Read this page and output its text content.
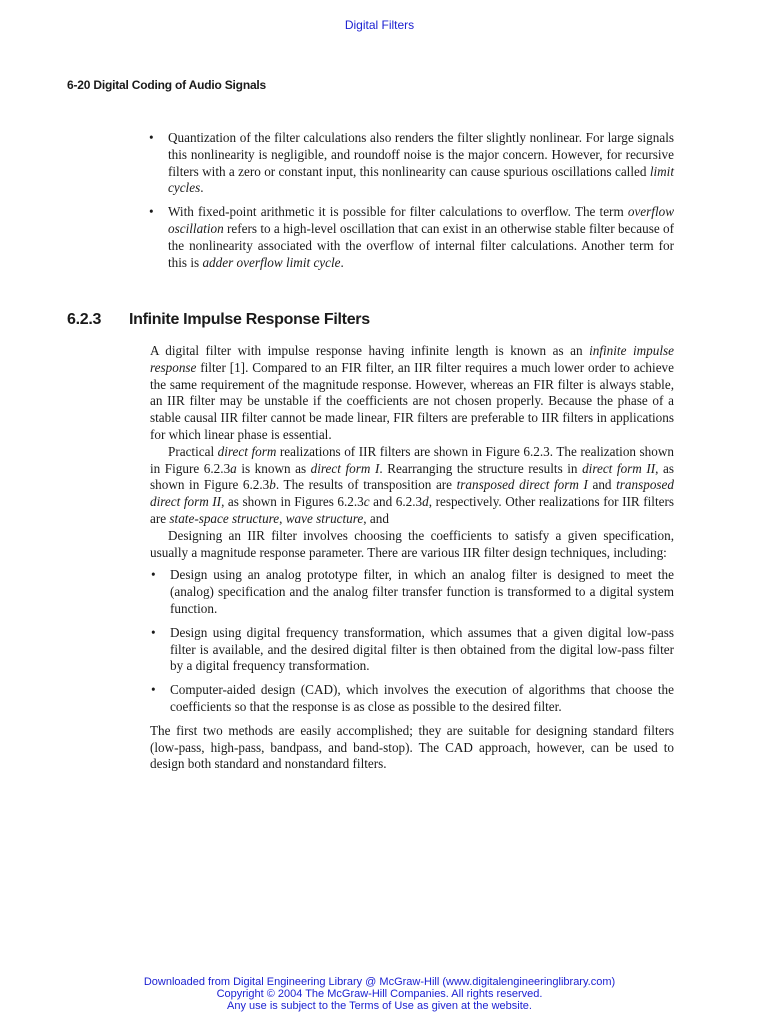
Digital Filters
6-20 Digital Coding of Audio Signals
• Quantization of the filter calculations also renders the filter slightly nonlinear. For large signals this nonlinearity is negligible, and roundoff noise is the major concern. However, for recursive filters with a zero or constant input, this nonlinearity can cause spurious oscillations called limit cycles.
• With fixed-point arithmetic it is possible for filter calculations to overflow. The term overflow oscillation refers to a high-level oscillation that can exist in an otherwise stable filter because of the nonlinearity associated with the overflow of internal filter calculations. Another term for this is adder overflow limit cycle.
6.2.3 Infinite Impulse Response Filters

A digital filter with impulse response having infinite length is known as an infinite impulse response filter [1]. Compared to an FIR filter, an IIR filter requires a much lower order to achieve the same requirement of the magnitude response. However, whereas an FIR filter is always stable, an IIR filter may be unstable if the coefficients are not chosen properly. Because the phase of a stable causal IIR filter cannot be made linear, FIR filters are preferable to IIR filters in applications for which linear phase is essential.

Practical direct form realizations of IIR filters are shown in Figure 6.2.3. The realization shown in Figure 6.2.3a is known as direct form I. Rearranging the structure results in direct form II, as shown in Figure 6.2.3b. The results of transposition are transposed direct form I and transposed direct form II, as shown in Figures 6.2.3c and 6.2.3d, respectively. Other realizations for IIR filters are state-space structure, wave structure, and

Designing an IIR filter involves choosing the coefficients to satisfy a given specification, usually a magnitude response parameter. There are various IIR filter design techniques, including:

• Design using an analog prototype filter, in which an analog filter is designed to meet the (analog) specification and the analog filter transfer function is transformed to a digital system function.
• Design using digital frequency transformation, which assumes that a given digital low-pass filter is available, and the desired digital filter is then obtained from the digital low-pass filter by a digital frequency transformation.
• Computer-aided design (CAD), which involves the execution of algorithms that choose the coefficients so that the response is as close as possible to the desired filter.

The first two methods are easily accomplished; they are suitable for designing standard filters (low-pass, high-pass, bandpass, and band-stop). The CAD approach, however, can be used to design both standard and nonstandard filters.

Downloaded from Digital Engineering Library @ McGraw-Hill (www.digitalengineeringlibrary.com)
Copyright © 2004 The McGraw-Hill Companies. All rights reserved.
Any use is subject to the Terms of Use as given at the website.
